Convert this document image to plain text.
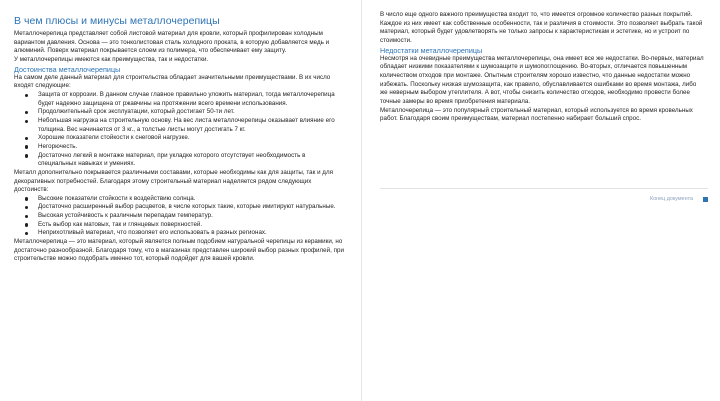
В чем плюсы и минусы металлочерепицы

Металлочерепица представляет собой листовой материал для кровли, который профилирован холодным вариантом давления. Основа — это тонколистовая сталь холодного проката, в которую добавляется медь и алюминий. Поверх материал покрывается слоем из полимера, что обеспечивает ему защиту.

У металлочерепицы имеются как преимущества, так и недостатки.

Достоинства металлочерепицы

На самом деле данный материал для строительства обладает значительными преимуществами. В их число входят следующие:

Защита от коррозии. В данном случае главное правильно уложить материал, тогда металлочерепица будет надежно защищена от ржавчины на протяжении всего времени использования.
Продолжительный срок эксплуатации, который достигает 50-ти лет.
Небольшая нагрузка на строительную основу. На вес листа металлочерепицы оказывает влияние его толщина. Вес начинается от 3 кг., а толстые листы могут достигать 7 кг.
Хорошие показатели стойкости к снеговой нагрузке.
Негорючесть.
Достаточно легкий в монтаже материал, при укладке которого отсутствует необходимость в специальных навыках и умениях.

Металл дополнительно покрывается различными составами, которые необходимы как для защиты, так и для декоративных потребностей. Благодаря этому строительный материал наделяется рядом следующих достоинств:

Высокие показатели стойкости к воздействию солнца.
Достаточно расширенный выбор расцветов, в числе которых такие, которые имитируют натуральные.
Высокая устойчивость к различным перепадам температур.
Есть выбор как матовых, так и глянцевых поверхностей.
Неприхотливый материал, что позволяет его использовать в разных регионах.

Металлочерепица — это материал, который является полным подобием натуральной черепицы из керамики, но достаточно разнообразной. Благодаря тому, что в магазинах представлен широкий выбор разных профилей, при строительстве можно подобрать именно тот, который подойдет для вашей кровли.

В число еще одного важного преимущества входит то, что имеется огромное количество разных покрытий. Каждое из них имеет как собственные особенности, так и различия в стоимости. Это позволяет выбрать такой материал, который будет удовлетворять не только запросы к характеристикам и эстетике, но и устроит по стоимости.

Недостатки металлочерепицы

Несмотря на очевидные преимущества металлочерепицы, она имеет все же недостатки. Во-первых, материал обладает низкими показателями к шумозащите и шумопоглощению. Во-вторых, отличается повышенным количеством отходов при монтаже. Опытным строителям хорошо известно, что данные недостатки можно избежать. Поскольку низкая шумозащита, как правило, обуславливается ошибками во время монтажа, либо же неверным выбором утеплителя. А вот, чтобы снизить количество отходов, необходимо провести более точные замеры во время приобретения материала.

Металлочерепица — это популярный строительный материал, который используется во время кровельных работ. Благодаря своим преимуществам, материал постепенно набирает больший спрос.

Конец документа
